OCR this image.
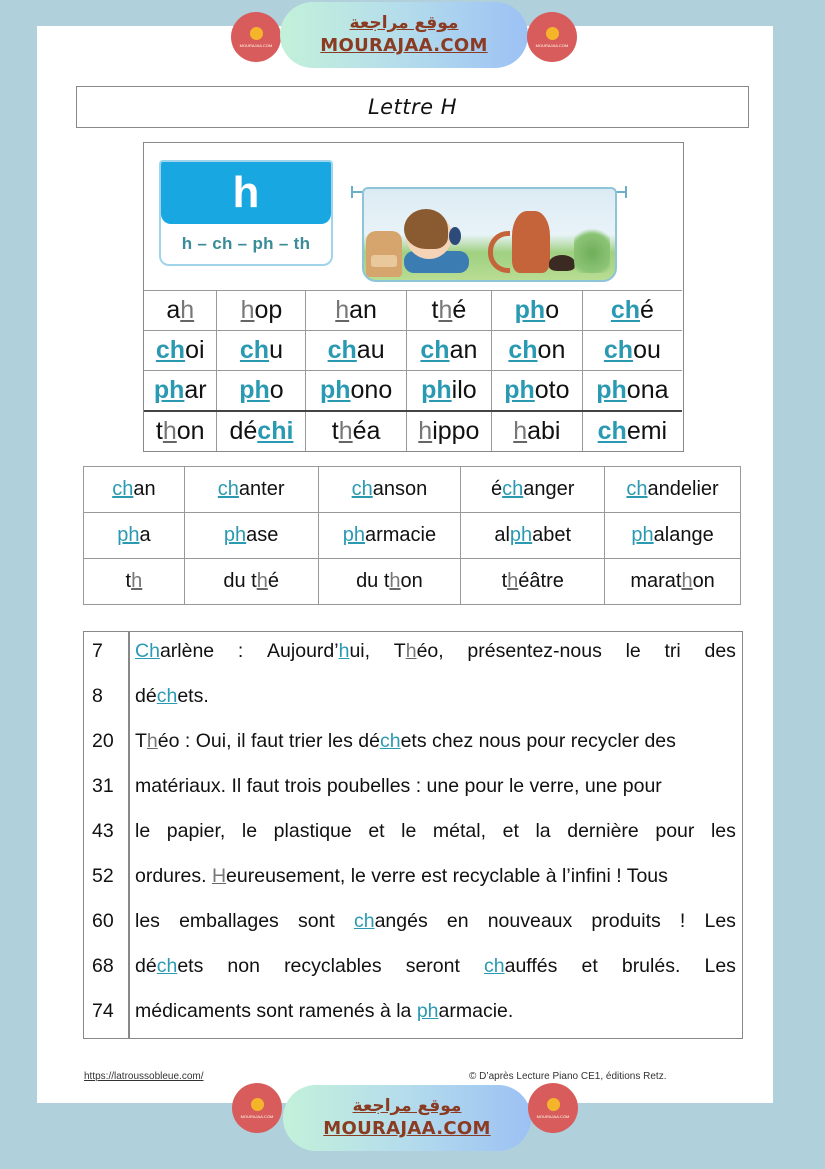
MOURAJAA.COM
موقع مراجعة
MOURAJAA.COM	MOURAJAA.COM
Lettre H
h
h – ch – ph – th
ah	hop	han	thé	pho	ché
choi	chu	chau	chan	chon	chou
phar	pho	phono	philo	photo	phona
thon	déchi	théa	hippo	habi	chemi
chan	chanter	chanson	échanger	chandelier
pha	phase	pharmacie	alphabet	phalange
th	du thé	du thon	théâtre	marathon
7	Charlène : Aujourd’hui, Théo, présentez-nous le tri des
8	déchets.
20	Théo : Oui, il faut trier les déchets chez nous pour recycler des
31	matériaux. Il faut trois poubelles : une pour le verre, une pour
43	le papier, le plastique et le métal, et la dernière pour les
52	ordures. Heureusement, le verre est recyclable à l’infini ! Tous
60	les emballages sont changés en nouveaux produits ! Les
68	déchets non recyclables seront chauffés et brulés. Les
74	médicaments sont ramenés à la pharmacie.
https://latroussobleue.com/	© D’après Lecture Piano CE1, éditions Retz.
MOURAJAA.COM	موقع مراجعة
MOURAJAA.COM
MOURAJAA.COM
